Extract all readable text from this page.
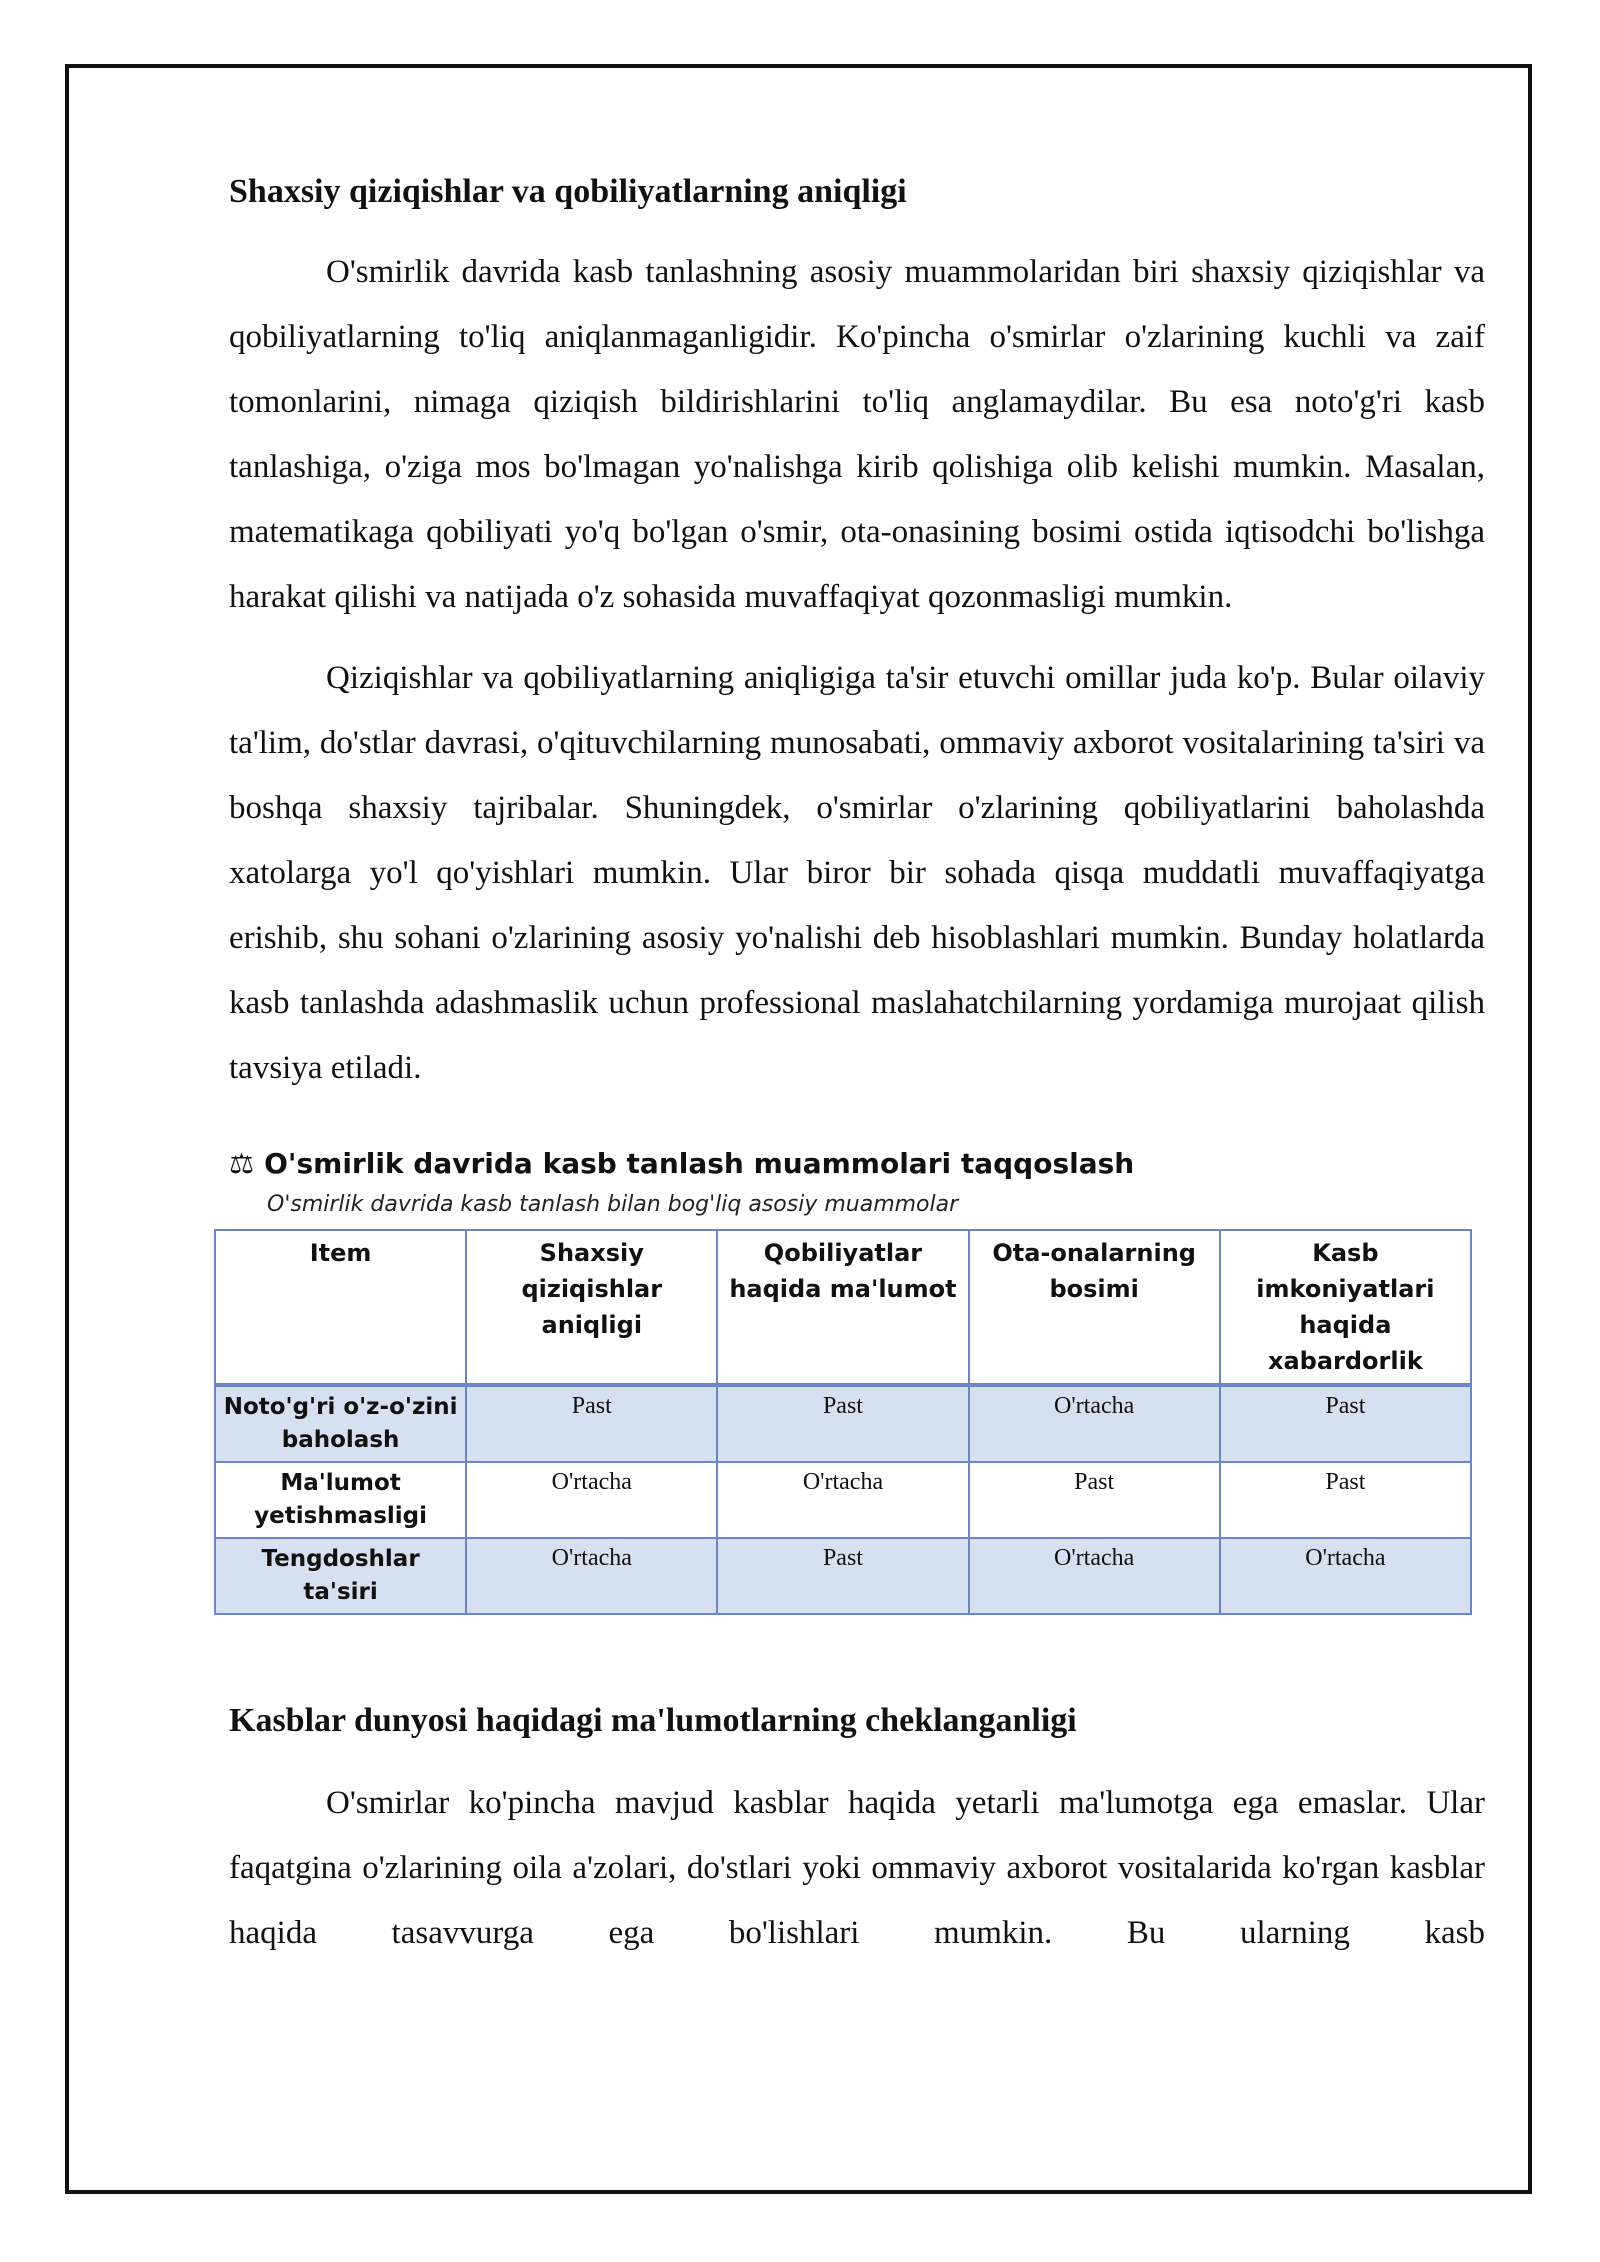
Shaxsiy qiziqishlar va qobiliyatlarning aniqligi

O'smirlik davrida kasb tanlashning asosiy muammolaridan biri shaxsiy qiziqishlar va qobiliyatlarning to'liq aniqlanmaganligidir. Ko'pincha o'smirlar o'zlarining kuchli va zaif tomonlarini, nimaga qiziqish bildirishlarini to'liq anglamaydilar. Bu esa noto'g'ri kasb tanlashiga, o'ziga mos bo'lmagan yo'nalishga kirib qolishiga olib kelishi mumkin. Masalan, matematikaga qobiliyati yo'q bo'lgan o'smir, ota-onasining bosimi ostida iqtisodchi bo'lishga harakat qilishi va natijada o'z sohasida muvaffaqiyat qozonmasligi mumkin.

Qiziqishlar va qobiliyatlarning aniqligiga ta'sir etuvchi omillar juda ko'p. Bular oilaviy ta'lim, do'stlar davrasi, o'qituvchilarning munosabati, ommaviy axborot vositalarining ta'siri va boshqa shaxsiy tajribalar. Shuningdek, o'smirlar o'zlarining qobiliyatlarini baholashda xatolarga yo'l qo'yishlari mumkin. Ular biror bir sohada qisqa muddatli muvaffaqiyatga erishib, shu sohani o'zlarining asosiy yo'nalishi deb hisoblashlari mumkin. Bunday holatlarda kasb tanlashda adashmaslik uchun professional maslahatchilarning yordamiga murojaat qilish tavsiya etiladi.

⚖ O'smirlik davrida kasb tanlash muammolari taqqoslash
O'smirlik davrida kasb tanlash bilan bog'liq asosiy muammolar
Item	Shaxsiy qiziqishlar aniqligi	Qobiliyatlar haqida ma'lumot	Ota-onalarning bosimi	Kasb imkoniyatlari haqida xabardorlik
Noto'g'ri o'z-o'zini baholash	Past	Past	O'rtacha	Past
Ma'lumot yetishmasligi	O'rtacha	O'rtacha	Past	Past
Tengdoshlar ta'siri	O'rtacha	Past	O'rtacha	O'rtacha
Kasblar dunyosi haqidagi ma'lumotlarning cheklanganligi

O'smirlar ko'pincha mavjud kasblar haqida yetarli ma'lumotga ega emaslar. Ular faqatgina o'zlarining oila a'zolari, do'stlari yoki ommaviy axborot vositalarida ko'rgan kasblar haqida tasavvurga ega bo'lishlari mumkin. Bu ularning kasb
